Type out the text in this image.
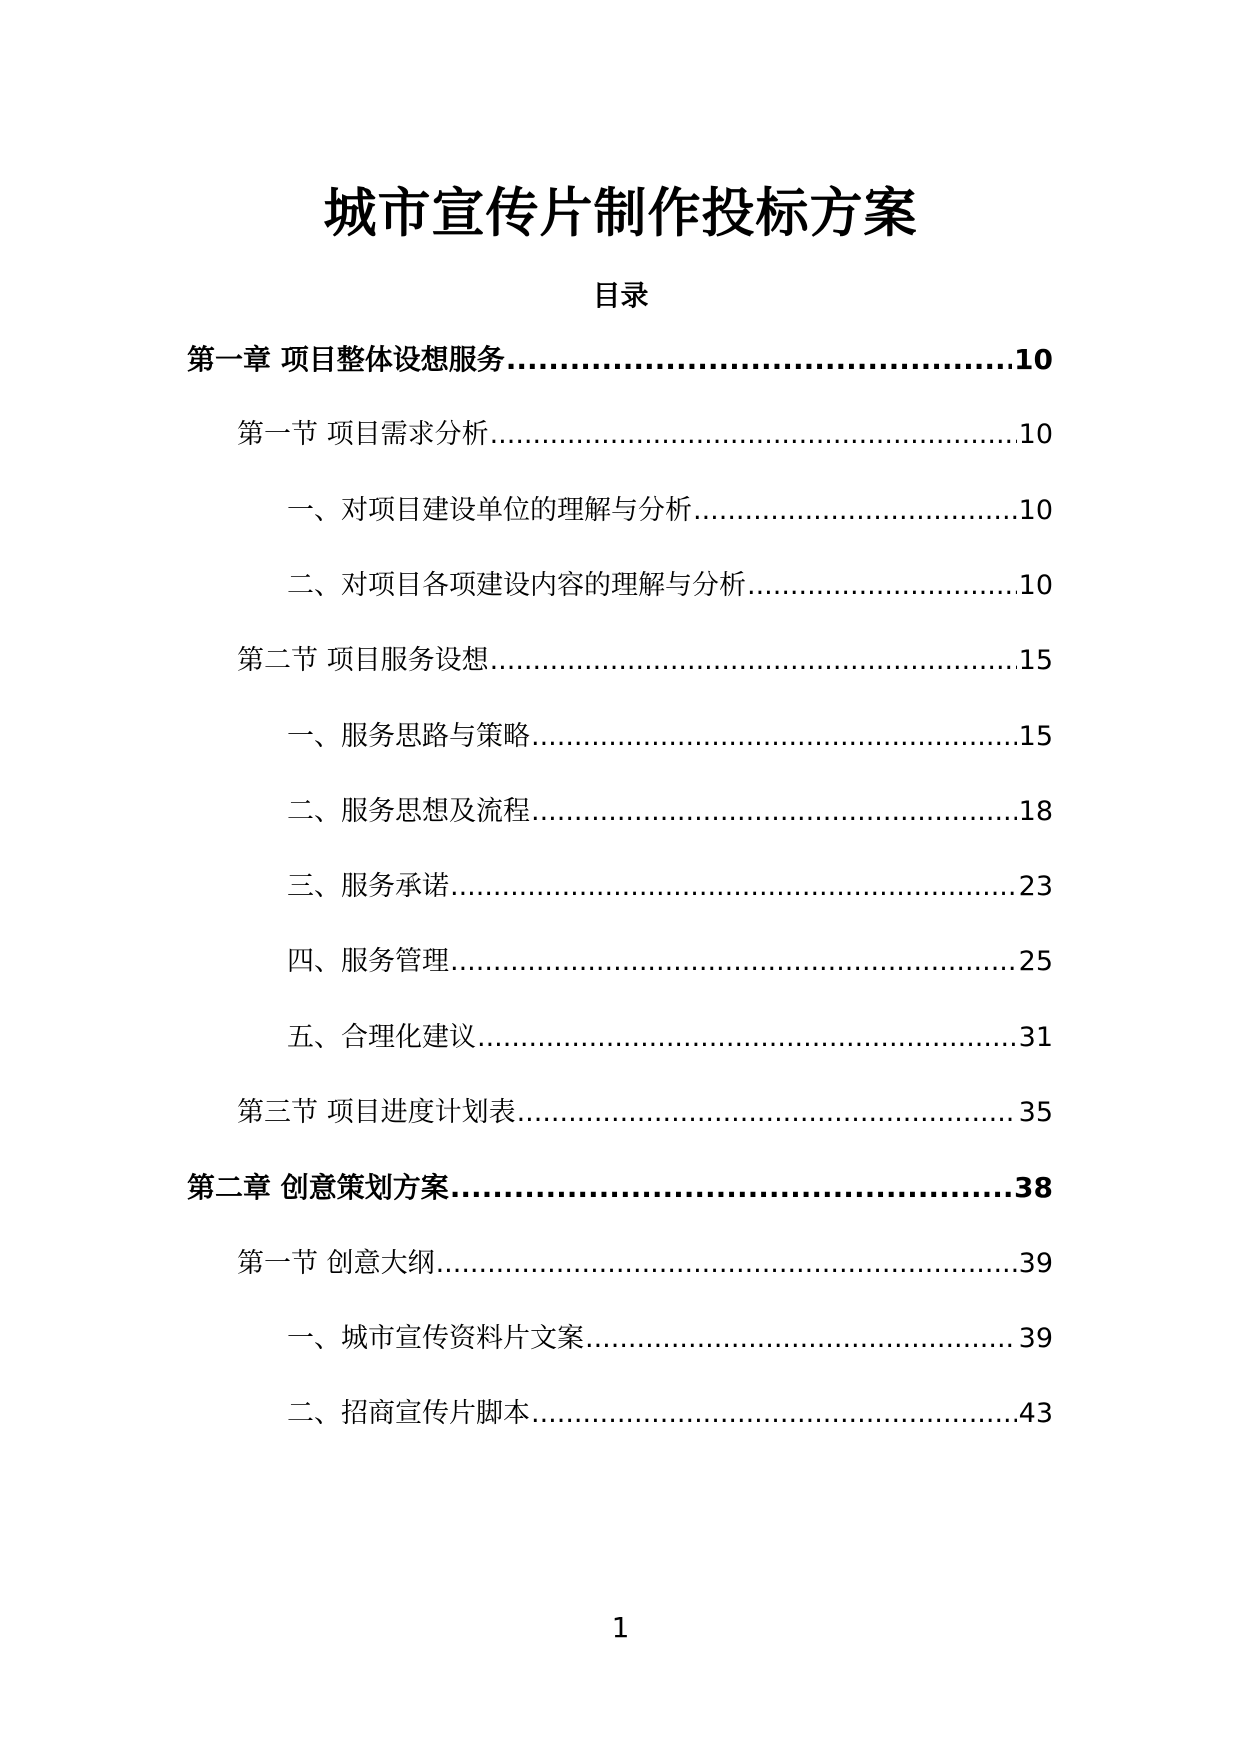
城市宣传片制作投标方案
目录
第一章 项目整体设想服务 .....	10
第一节 项目需求分析 .....	10
一、对项目建设单位的理解与分析 .....	10
二、对项目各项建设内容的理解与分析 .....	10
第二节 项目服务设想 .....	15
一、服务思路与策略 .....	15
二、服务思想及流程 .....	18
三、服务承诺 .....	23
四、服务管理 .....	25
五、合理化建议 .....	31
第三节 项目进度计划表 .....	35
第二章 创意策划方案 .....	38
第一节 创意大纲 .....	39
一、城市宣传资料片文案 .....	39
二、招商宣传片脚本 .....	43
1
